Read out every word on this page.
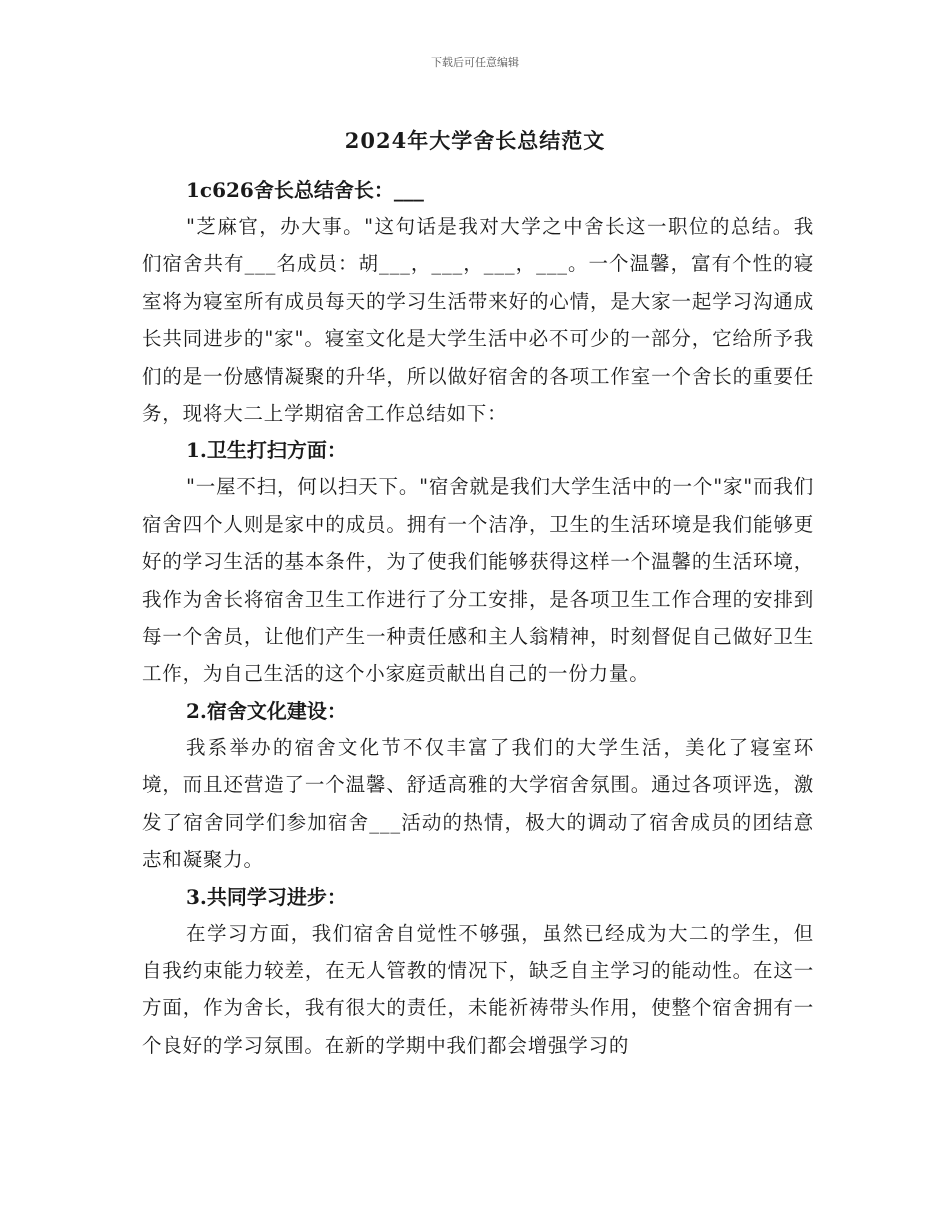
下载后可任意编辑
2024年大学舍长总结范文

1c626舍长总结舍长：___

"芝麻官，办大事。"这句话是我对大学之中舍长这一职位的总结。我们宿舍共有___名成员：胡___，___，___，___。一个温馨，富有个性的寝室将为寝室所有成员每天的学习生活带来好的心情，是大家一起学习沟通成长共同进步的"家"。寝室文化是大学生活中必不可少的一部分，它给所予我们的是一份感情凝聚的升华，所以做好宿舍的各项工作室一个舍长的重要任务，现将大二上学期宿舍工作总结如下：

1.卫生打扫方面：

"一屋不扫，何以扫天下。"宿舍就是我们大学生活中的一个"家"而我们宿舍四个人则是家中的成员。拥有一个洁净，卫生的生活环境是我们能够更好的学习生活的基本条件，为了使我们能够获得这样一个温馨的生活环境，我作为舍长将宿舍卫生工作进行了分工安排，是各项卫生工作合理的安排到每一个舍员，让他们产生一种责任感和主人翁精神，时刻督促自己做好卫生工作，为自己生活的这个小家庭贡献出自己的一份力量。

2.宿舍文化建设：

我系举办的宿舍文化节不仅丰富了我们的大学生活，美化了寝室环境，而且还营造了一个温馨、舒适高雅的大学宿舍氛围。通过各项评选，激发了宿舍同学们参加宿舍___活动的热情，极大的调动了宿舍成员的团结意志和凝聚力。

3.共同学习进步：

在学习方面，我们宿舍自觉性不够强，虽然已经成为大二的学生，但自我约束能力较差，在无人管教的情况下，缺乏自主学习的能动性。在这一方面，作为舍长，我有很大的责任，未能祈祷带头作用，使整个宿舍拥有一个良好的学习氛围。在新的学期中我们都会增强学习的
